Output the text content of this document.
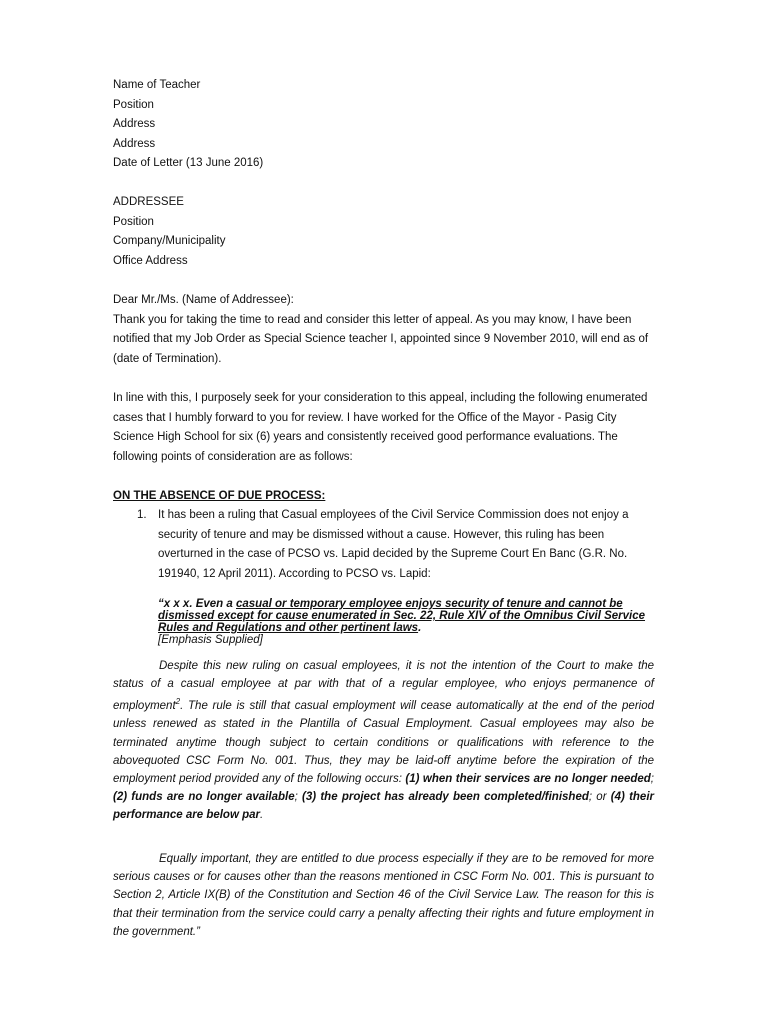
Name of Teacher
Position
Address
Address
Date of Letter (13 June 2016)
ADDRESSEE
Position
Company/Municipality
Office Address
Dear Mr./Ms. (Name of Addressee):
Thank you for taking the time to read and consider this letter of appeal. As you may know, I have been notified that my Job Order as Special Science teacher I, appointed since 9 November 2010, will end as of (date of Termination).
In line with this, I purposely seek for your consideration to this appeal, including the following enumerated cases that I humbly forward to you for review. I have worked for the Office of the Mayor - Pasig City Science High School for six (6) years and consistently received good performance evaluations. The following points of consideration are as follows:
ON THE ABSENCE OF DUE PROCESS:
1. It has been a ruling that Casual employees of the Civil Service Commission does not enjoy a security of tenure and may be dismissed without a cause. However, this ruling has been overturned in the case of PCSO vs. Lapid decided by the Supreme Court En Banc (G.R. No. 191940, 12 April 2011). According to PCSO vs. Lapid:
“x x x. Even a casual or temporary employee enjoys security of tenure and cannot be dismissed except for cause enumerated in Sec. 22, Rule XIV of the Omnibus Civil Service Rules and Regulations and other pertinent laws.
[Emphasis Supplied]
Despite this new ruling on casual employees, it is not the intention of the Court to make the status of a casual employee at par with that of a regular employee, who enjoys permanence of employment$^2$. The rule is still that casual employment will cease automatically at the end of the period unless renewed as stated in the Plantilla of Casual Employment. Casual employees may also be terminated anytime though subject to certain conditions or qualifications with reference to the abovequoted CSC Form No. 001. Thus, they may be laid-off anytime before the expiration of the employment period provided any of the following occurs: (1) when their services are no longer needed; (2) funds are no longer available; (3) the project has already been completed/finished; or (4) their performance are below par.
Equally important, they are entitled to due process especially if they are to be removed for more serious causes or for causes other than the reasons mentioned in CSC Form No. 001. This is pursuant to Section 2, Article IX(B) of the Constitution and Section 46 of the Civil Service Law. The reason for this is that their termination from the service could carry a penalty affecting their rights and future employment in the government.”
